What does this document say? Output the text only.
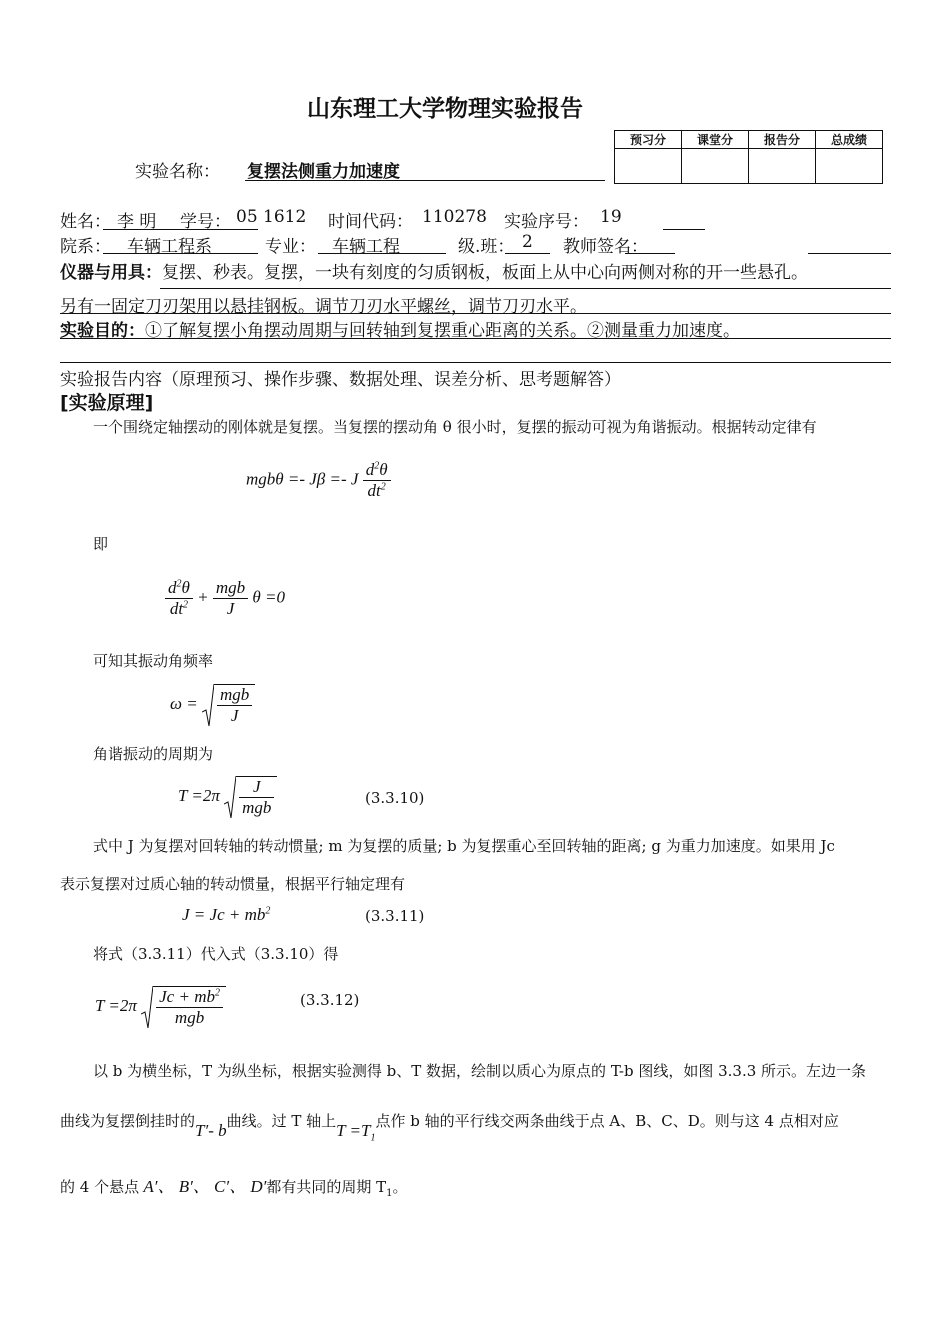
山东理工大学物理实验报告
预习分	课堂分	报告分	总成绩

实验名称： 复摆法侧重力加速度
姓名： 李 明 学号： 05 1612 时间代码： 110278 实验序号： 19
院系： 车辆工程系	专业： 车辆工程	级.班： 2 教师签名：
仪器与用具：复摆、秒表。复摆，一块有刻度的匀质钢板，板面上从中心向两侧对称的开一些悬孔。
另有一固定刀刃架用以悬挂钢板。调节刀刃水平螺丝，调节刀刃水平。
实验目的：①了解复摆小角摆动周期与回转轴到复摆重心距离的关系。②测量重力加速度。
实验报告内容（原理预习、操作步骤、数据处理、误差分析、思考题解答）
[实验原理]
一个围绕定轴摆动的刚体就是复摆。当复摆的摆动角 θ 很小时，复摆的振动可视为角谐振动。根据转动定律有
mgbθ =- Jβ =- J $\frac{d^2\theta}{dt^2}$
即
$\frac{d^2\theta}{dt^2} + \frac{\text{mgb}}{J}$ θ =0
可知其振动角频率
$\omega = \frac{\text{mgb}}{J}$
角谐振动的周期为
$T =2\pi \frac{J}{\text{mgb}}$	(3.3.10)
式中 J 为复摆对回转轴的转动惯量; m 为复摆的质量; b 为复摆重心至回转轴的距离; g 为重力加速度。如果用 Jc
表示复摆对过质心轴的转动惯量，根据平行轴定理有
$J = Jc + mb^2$	(3.3.11)
将式（3.3.11）代入式（3.3.10）得
$T =2\pi \frac{Jc + mb^2}{\text{mgb}}$	(3.3.12)
以 b 为横坐标，T 为纵坐标，根据实验测得 b、T 数据，绘制以质心为原点的 T-b 图线，如图 3.3.3 所示。左边一条
曲线为复摆倒挂时的T′- b曲线。过 T 轴上$T =T_1$点作 b 轴的平行线交两条曲线于点 A、B、C、D。则与这 4 点相对应
的 4 个悬点 A′、 B′、 C′、 D′都有共同的周期 $T_1$。
